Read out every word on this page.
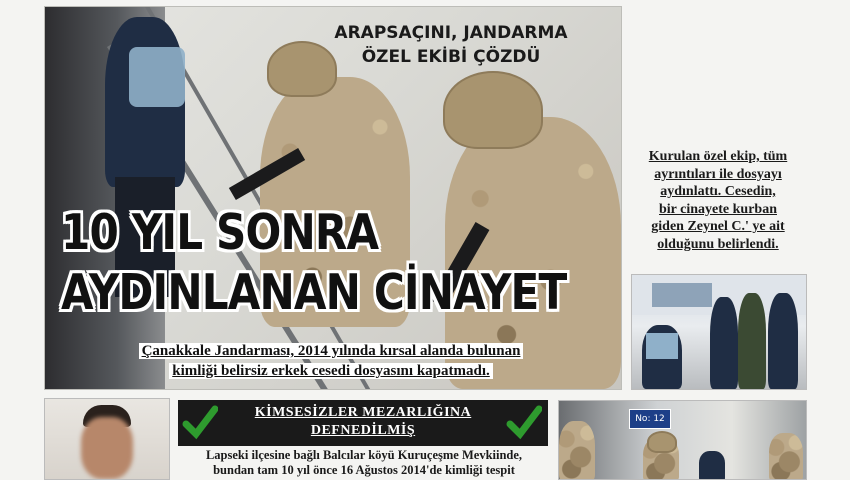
ARAPSAÇINI, JANDARMA
ÖZEL EKİBİ ÇÖZDÜ
10 YIL SONRA
AYDINLANAN CİNAYET
Çanakkale Jandarması, 2014 yılında kırsal alanda bulunan
kimliği belirsiz erkek cesedi dosyasını kapatmadı.
Kurulan özel ekip, tüm
ayrıntıları ile dosyayı
aydınlattı. Cesedin,
bir cinayete kurban
giden Zeynel C.' ye ait
olduğunu belirlendi.
KİMSESİZLER MEZARLIĞINA
DEFNEDİLMİŞ
Lapseki ilçesine bağlı Balcılar köyü Kuruçeşme Mevkiinde,
bundan tam 10 yıl önce 16 Ağustos 2014'de kimliği tespit
No: 12
